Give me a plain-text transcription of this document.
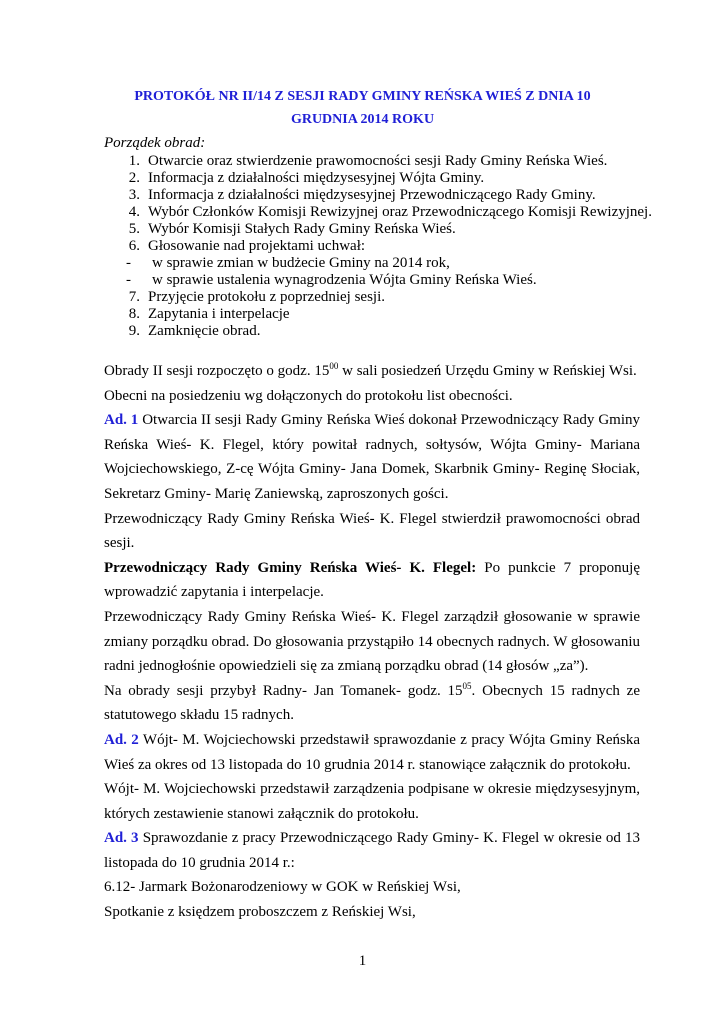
PROTOKÓŁ NR II/14 Z SESJI RADY GMINY REŃSKA WIEŚ Z DNIA 10
GRUDNIA 2014 ROKU
Porządek obrad:
1. Otwarcie oraz stwierdzenie prawomocności sesji Rady Gminy Reńska Wieś.
2. Informacja z działalności międzysesyjnej Wójta Gminy.
3. Informacja z działalności międzysesyjnej Przewodniczącego Rady Gminy.
4. Wybór Członków Komisji Rewizyjnej oraz Przewodniczącego Komisji Rewizyjnej.
5. Wybór Komisji Stałych Rady Gminy Reńska Wieś.
6. Głosowanie nad projektami uchwał:
- w sprawie zmian w budżecie Gminy na 2014 rok,
- w sprawie ustalenia wynagrodzenia Wójta Gminy Reńska Wieś.
7. Przyjęcie protokołu z poprzedniej sesji.
8. Zapytania i interpelacje
9. Zamknięcie obrad.

Obrady II sesji rozpoczęto o godz. $15^{00}$ w sali posiedzeń Urzędu Gminy w Reńskiej Wsi.

Obecni na posiedzeniu wg dołączonych do protokołu list obecności.

Ad. 1 Otwarcia II sesji Rady Gminy Reńska Wieś dokonał Przewodniczący Rady Gminy Reńska Wieś- K. Flegel, który powitał radnych, sołtysów, Wójta Gminy- Mariana Wojciechowskiego, Z-cę Wójta Gminy- Jana Domek, Skarbnik Gminy- Reginę Słociak, Sekretarz Gminy- Marię Zaniewską, zaproszonych gości.

Przewodniczący Rady Gminy Reńska Wieś- K. Flegel stwierdził prawomocności obrad sesji.

Przewodniczący Rady Gminy Reńska Wieś- K. Flegel: Po punkcie 7 proponuję wprowadzić zapytania i interpelacje.

Przewodniczący Rady Gminy Reńska Wieś- K. Flegel zarządził głosowanie w sprawie zmiany porządku obrad. Do głosowania przystąpiło 14 obecnych radnych. W głosowaniu radni jednogłośnie opowiedzieli się za zmianą porządku obrad (14 głosów „za”).

Na obrady sesji przybył Radny- Jan Tomanek- godz. $15^{05}$. Obecnych 15 radnych ze statutowego składu 15 radnych.

Ad. 2 Wójt- M. Wojciechowski przedstawił sprawozdanie z pracy Wójta Gminy Reńska Wieś za okres od 13 listopada do 10 grudnia 2014 r. stanowiące załącznik do protokołu.

Wójt- M. Wojciechowski przedstawił zarządzenia podpisane w okresie międzysesyjnym, których zestawienie stanowi załącznik do protokołu.

Ad. 3 Sprawozdanie z pracy Przewodniczącego Rady Gminy- K. Flegel w okresie od 13 listopada do 10 grudnia 2014 r.:

6.12- Jarmark Bożonarodzeniowy w GOK w Reńskiej Wsi,

Spotkanie z księdzem proboszczem z Reńskiej Wsi,

1
